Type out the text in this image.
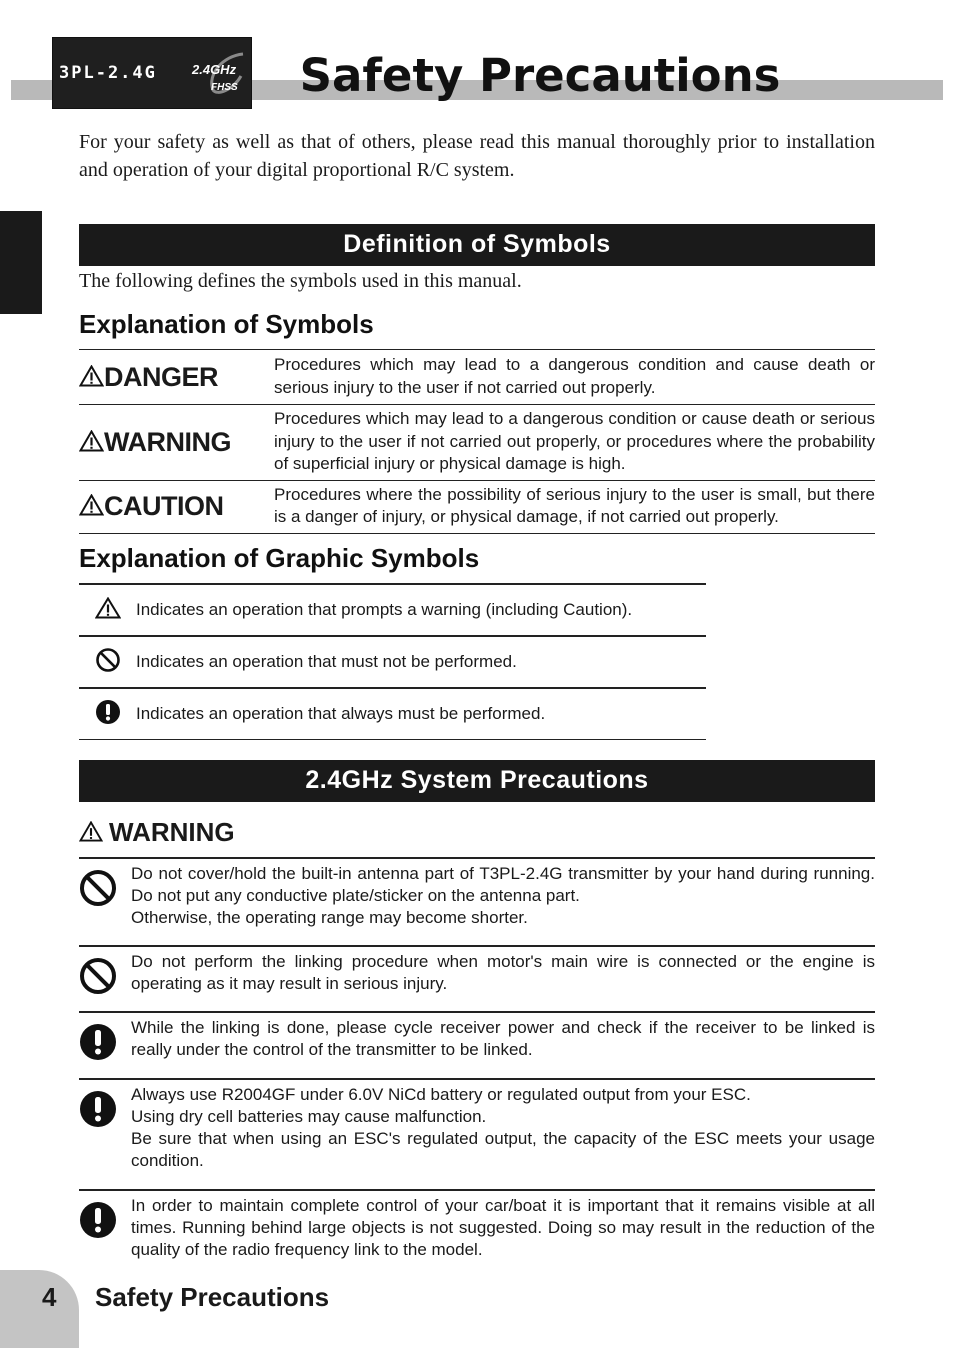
3PL-2.4G	2.4GHz
FHSS	Safety Precautions
For your safety as well as that of others, please read this manual thoroughly prior to installation and operation of your digital proportional R/C system.
Definition of Symbols
The following defines the symbols used in this manual.
Explanation of Symbols
DANGER	Procedures which may lead to a dangerous condition and cause death or serious injury to the user if not carried out properly.
WARNING	Procedures which may lead to a dangerous condition or cause death or serious injury to the user if not carried out properly, or procedures where the probability of superficial injury or physical damage is high.
CAUTION	Procedures where the possibility of serious injury to the user is small, but there is a danger of injury, or physical damage, if not carried out properly.
Explanation of Graphic Symbols
	Indicates an operation that prompts a warning (including Caution).
	Indicates an operation that must not be performed.
	Indicates an operation that always must be performed.
2.4GHz System Precautions
WARNING
Do not cover/hold the built-in antenna part of T3PL-2.4G transmitter by your hand during running. Do not put any conductive plate/sticker on the antenna part.
Otherwise, the operating range may become shorter.
Do not perform the linking procedure when motor's main wire is connected or the engine is operating as it may result in serious injury.
While the linking is done, please cycle receiver power and check if the receiver to be linked is really under the control of the transmitter to be linked.
Always use R2004GF under 6.0V NiCd battery or regulated output from your ESC.
Using dry cell batteries may cause malfunction.
Be sure that when using an ESC's regulated output, the capacity of the ESC meets your usage condition.
In order to maintain complete control of your car/boat it is important that it remains visible at all times. Running behind large objects is not suggested. Doing so may result in the reduction of the quality of the radio frequency link to the model.
4 Safety Precautions
